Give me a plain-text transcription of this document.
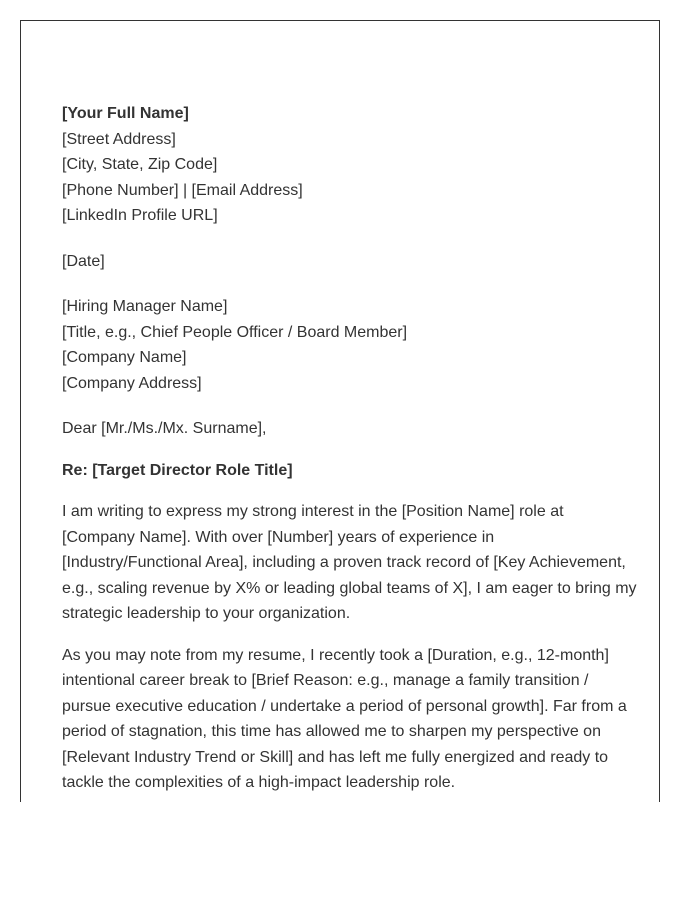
[Your Full Name]
[Street Address]
[City, State, Zip Code]
[Phone Number] | [Email Address]
[LinkedIn Profile URL]
[Date]
[Hiring Manager Name]
[Title, e.g., Chief People Officer / Board Member]
[Company Name]
[Company Address]
Dear [Mr./Ms./Mx. Surname],
Re: [Target Director Role Title]

I am writing to express my strong interest in the [Position Name] role at [Company Name]. With over [Number] years of experience in [Industry/Functional Area], including a proven track record of [Key Achievement, e.g., scaling revenue by X% or leading global teams of X], I am eager to bring my strategic leadership to your organization.

As you may note from my resume, I recently took a [Duration, e.g., 12-month] intentional career break to [Brief Reason: e.g., manage a family transition / pursue executive education / undertake a period of personal growth]. Far from a period of stagnation, this time has allowed me to sharpen my perspective on [Relevant Industry Trend or Skill] and has left me fully energized and ready to tackle the complexities of a high-impact leadership role.
